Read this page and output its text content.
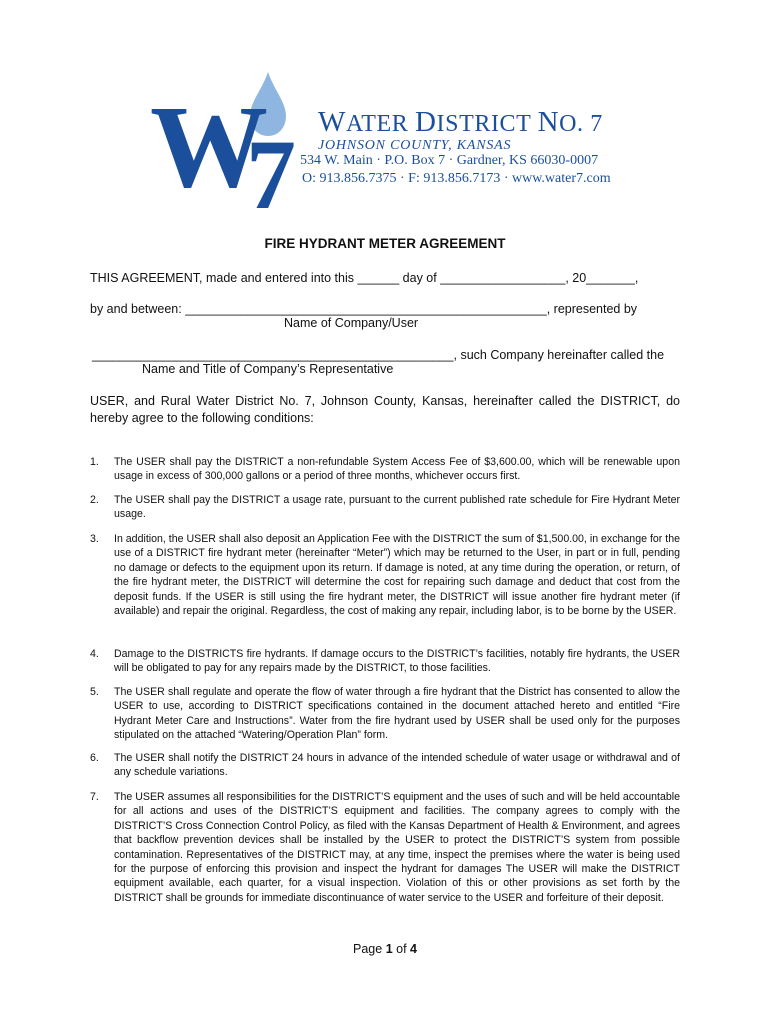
W
7 WATER DISTRICT NO. 7
JOHNSON COUNTY, KANSAS
534 W. Main · P.O. Box 7 · Gardner, KS 66030-0007
O: 913.856.7375 · F: 913.856.7173 · www.water7.com
FIRE HYDRANT METER AGREEMENT
THIS AGREEMENT, made and entered into this ______ day of __________________, 20_______,
by and between: ____________________________________________________, represented by
Name of Company/User
____________________________________________________, such Company hereinafter called the
Name and Title of Company’s Representative
USER, and Rural Water District No. 7, Johnson County, Kansas, hereinafter called the DISTRICT, do hereby agree to the following conditions:
1. The USER shall pay the DISTRICT a non-refundable System Access Fee of $3,600.00, which will be renewable upon usage in excess of 300,000 gallons or a period of three months, whichever occurs first.
2. The USER shall pay the DISTRICT a usage rate, pursuant to the current published rate schedule for Fire Hydrant Meter usage.
3. In addition, the USER shall also deposit an Application Fee with the DISTRICT the sum of $1,500.00, in exchange for the use of a DISTRICT fire hydrant meter (hereinafter “Meter”) which may be returned to the User, in part or in full, pending no damage or defects to the equipment upon its return. If damage is noted, at any time during the operation, or return, of the fire hydrant meter, the DISTRICT will determine the cost for repairing such damage and deduct that cost from the deposit funds. If the USER is still using the fire hydrant meter, the DISTRICT will issue another fire hydrant meter (if available) and repair the original. Regardless, the cost of making any repair, including labor, is to be borne by the USER.
4. Damage to the DISTRICTS fire hydrants. If damage occurs to the DISTRICT’s facilities, notably fire hydrants, the USER will be obligated to pay for any repairs made by the DISTRICT, to those facilities.
5. The USER shall regulate and operate the flow of water through a fire hydrant that the District has consented to allow the USER to use, according to DISTRICT specifications contained in the document attached hereto and entitled “Fire Hydrant Meter Care and Instructions”. Water from the fire hydrant used by USER shall be used only for the purposes stipulated on the attached “Watering/Operation Plan” form.
6. The USER shall notify the DISTRICT 24 hours in advance of the intended schedule of water usage or withdrawal and of any schedule variations.
7. The USER assumes all responsibilities for the DISTRICT’S equipment and the uses of such and will be held accountable for all actions and uses of the DISTRICT’S equipment and facilities. The company agrees to comply with the DISTRICT’S Cross Connection Control Policy, as filed with the Kansas Department of Health & Environment, and agrees that backflow prevention devices shall be installed by the USER to protect the DISTRICT’S system from possible contamination. Representatives of the DISTRICT may, at any time, inspect the premises where the water is being used for the purpose of enforcing this provision and inspect the hydrant for damages The USER will make the DISTRICT equipment available, each quarter, for a visual inspection. Violation of this or other provisions as set forth by the DISTRICT shall be grounds for immediate discontinuance of water service to the USER and forfeiture of their deposit.
Page 1 of 4
